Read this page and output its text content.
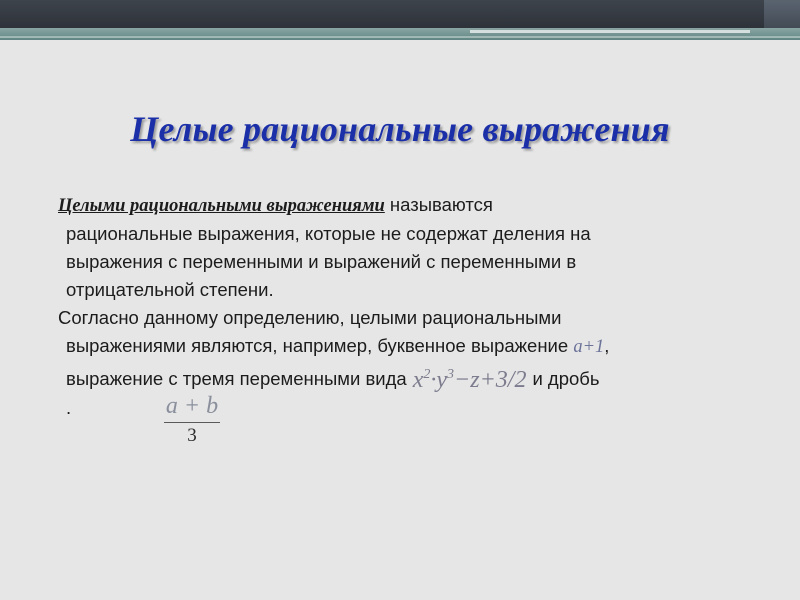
Целые рациональные выражения
Целыми рациональными выражениями называются
рациональные выражения, которые не содержат деления на
выражения с переменными и выражений с переменными в
отрицательной степени.
Согласно данному определению, целыми рациональными
выражениями являются, например, буквенное выражение a+1,
выражение с тремя переменными вида $x^2\cdot y^3-z+3/2$ и дробь
.	a + b
3
